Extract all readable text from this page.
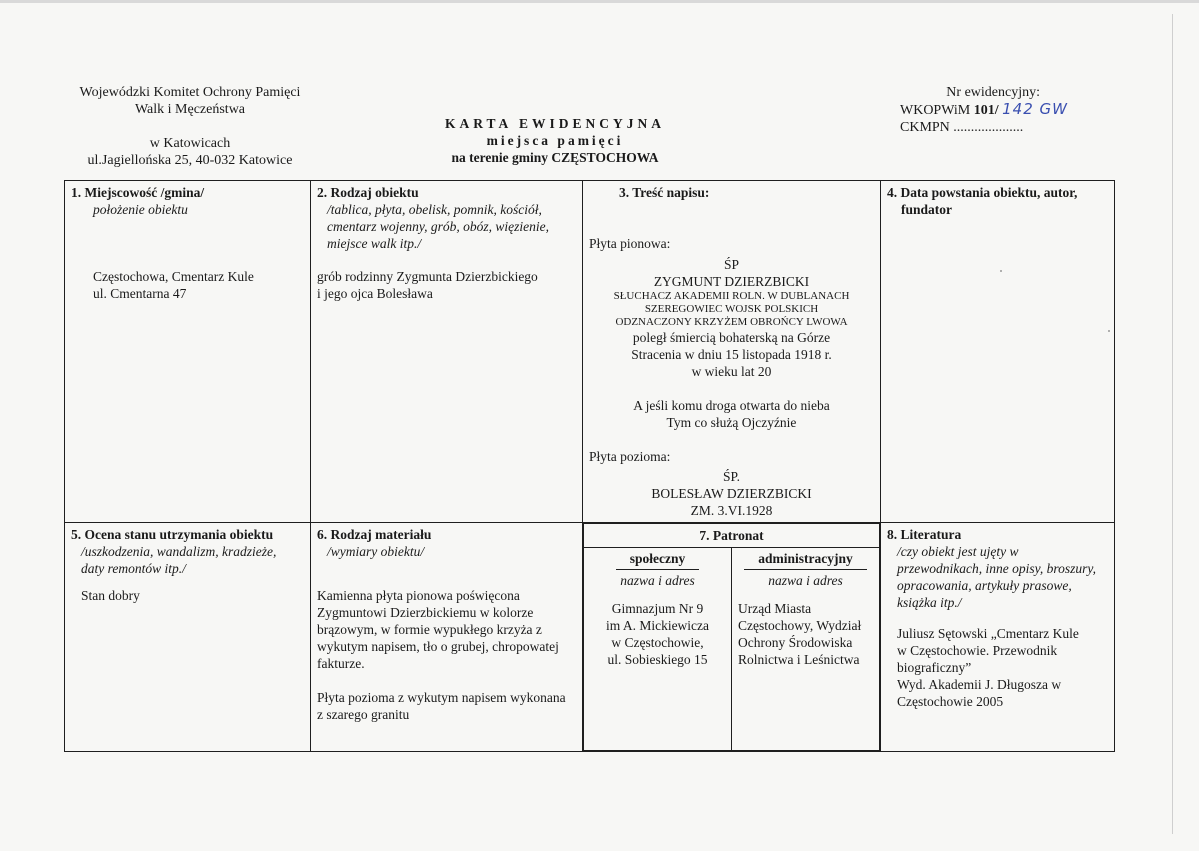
Wojewódzki Komitet Ochrony Pamięci
Walk i Męczeństwa
w Katowicach
ul.Jagiellońska 25, 40-032 Katowice
KARTA EWIDENCYJNA
miejsca pamięci
na terenie gminy CZĘSTOCHOWA
Nr ewidencyjny:
WKOPWiM 101/ 142 GW
CKMPN ....................
1. Miejscowość /gmina/
położenie obiektu
Częstochowa, Cmentarz Kule
ul. Cmentarna 47

2. Rodzaj obiektu
/tablica, płyta, obelisk, pomnik, kościół,
cmentarz wojenny, grób, obóz, więzienie,
miejsce walk itp./
grób rodzinny Zygmunta Dzierzbickiego
i jego ojca Bolesława

3. Treść napisu:
Płyta pionowa:
ŚP
ZYGMUNT DZIERZBICKI
SŁUCHACZ AKADEMII ROLN. W DUBLANACH
SZEREGOWIEC WOJSK POLSKICH
ODZNACZONY KRZYŻEM OBROŃCY LWOWA
poległ śmiercią bohaterską na Górze
Stracenia w dniu 15 listopada 1918 r.
w wieku lat 20
A jeśli komu droga otwarta do nieba
Tym co służą Ojczyźnie
Płyta pozioma:
ŚP.
BOLESŁAW DZIERZBICKI
ZM. 3.VI.1928

4. Data powstania obiektu, autor,
fundator

5. Ocena stanu utrzymania obiektu
/uszkodzenia, wandalizm, kradzieże,
daty remontów itp./
Stan dobry

6. Rodzaj materiału
/wymiary obiektu/
Kamienna płyta pionowa poświęcona
Zygmuntowi Dzierzbickiemu w kolorze
brązowym, w formie wypukłego krzyża z
wykutym napisem, tło o grubej, chropowatej
fakturze.
Płyta pozioma z wykutym napisem wykonana
z szarego granitu

7. Patronat
społeczny
nazwa i adres
Gimnazjum Nr 9
im A. Mickiewicza
w Częstochowie,
ul. Sobieskiego 15
	administracyjny
nazwa i adres
Urząd Miasta
Częstochowy, Wydział
Ochrony Środowiska
Rolnictwa i Leśnictwa

8. Literatura
/czy obiekt jest ujęty w
przewodnikach, inne opisy, broszury,
opracowania, artykuły prasowe,
książka itp./
Juliusz Sętowski „Cmentarz Kule
w Częstochowie. Przewodnik
biograficzny”
Wyd. Akademii J. Długosza w
Częstochowie 2005
